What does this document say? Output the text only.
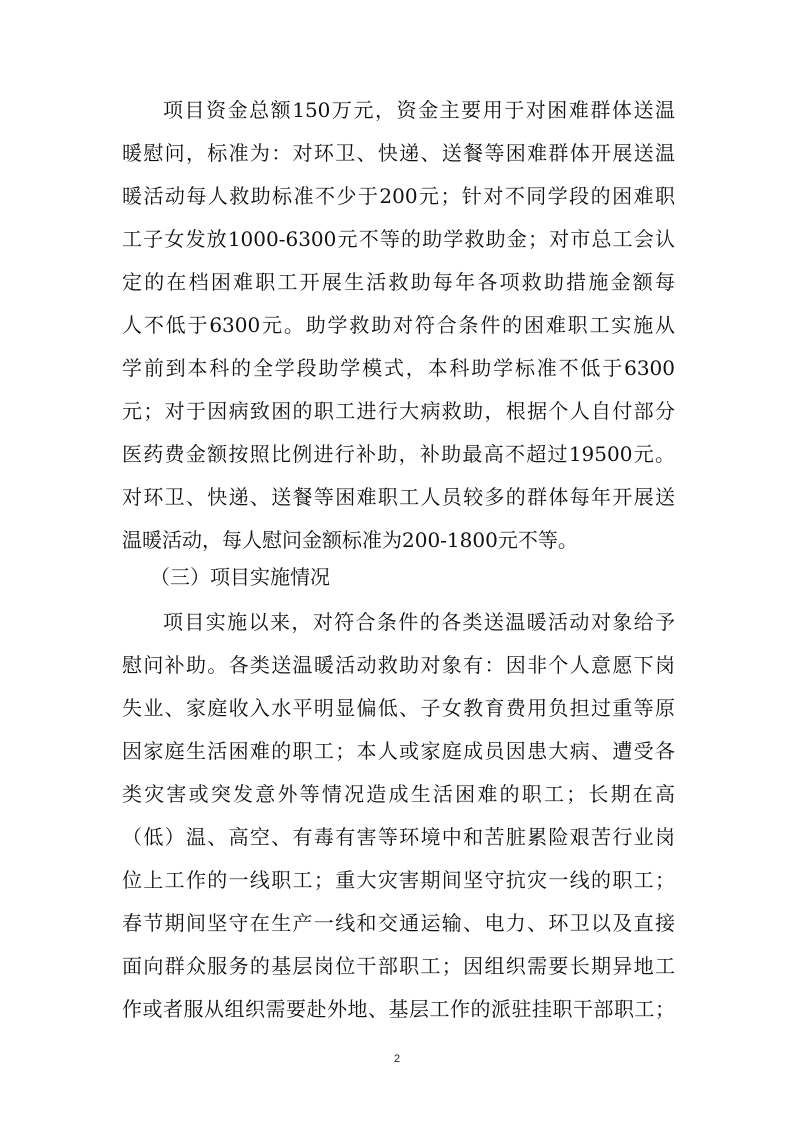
项目资金总额150万元，资金主要用于对困难群体送温
暖慰问，标准为：对环卫、快递、送餐等困难群体开展送温
暖活动每人救助标准不少于200元；针对不同学段的困难职
工子女发放1000-6300元不等的助学救助金；对市总工会认
定的在档困难职工开展生活救助每年各项救助措施金额每
人不低于6300元。助学救助对符合条件的困难职工实施从
学前到本科的全学段助学模式，本科助学标准不低于6300
元；对于因病致困的职工进行大病救助，根据个人自付部分
医药费金额按照比例进行补助，补助最高不超过19500元。
对环卫、快递、送餐等困难职工人员较多的群体每年开展送
温暖活动，每人慰问金额标准为200-1800元不等。
（三）项目实施情况
项目实施以来，对符合条件的各类送温暖活动对象给予
慰问补助。各类送温暖活动救助对象有：因非个人意愿下岗
失业、家庭收入水平明显偏低、子女教育费用负担过重等原
因家庭生活困难的职工；本人或家庭成员因患大病、遭受各
类灾害或突发意外等情况造成生活困难的职工；长期在高
（低）温、高空、有毒有害等环境中和苦脏累险艰苦行业岗
位上工作的一线职工；重大灾害期间坚守抗灾一线的职工；
春节期间坚守在生产一线和交通运输、电力、环卫以及直接
面向群众服务的基层岗位干部职工；因组织需要长期异地工
作或者服从组织需要赴外地、基层工作的派驻挂职干部职工；
2
